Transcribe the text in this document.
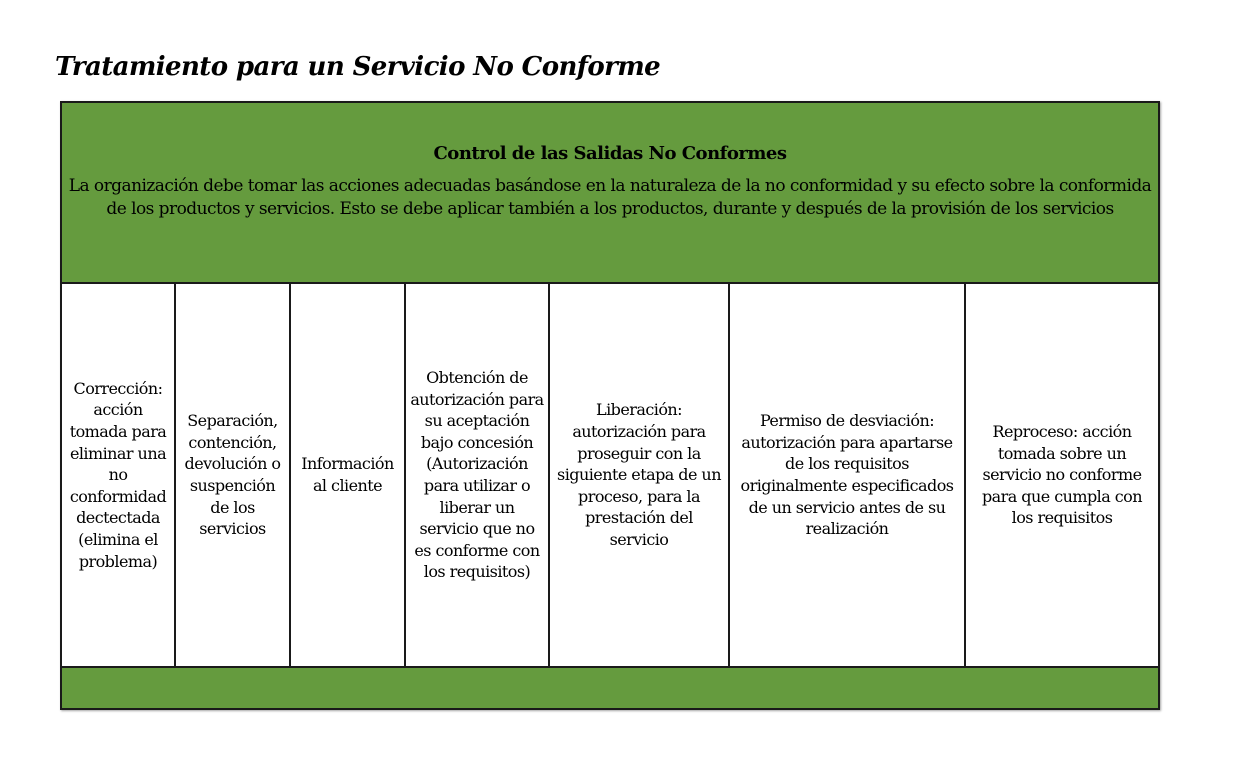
Tratamiento para un Servicio No Conforme
Control de las Salidas No Conformes
La organización debe tomar las acciones adecuadas basándose en la naturaleza de la no conformidad y su efecto sobre la conformida de los productos y servicios. Esto se debe aplicar también a los productos, durante y después de la provisión de los servicios
Corrección: acción tomada para eliminar una no conformidad dectectada (elimina el problema)
Separación, contención, devolución o suspención de los servicios
Información al cliente
Obtención de autorización para su aceptación bajo concesión (Autorización para utilizar o liberar un servicio que no es conforme con los requisitos)
Liberación: autorización para proseguir con la siguiente etapa de un proceso, para la prestación del servicio
Permiso de desviación: autorización para apartarse de los requisitos originalmente especificados de un servicio antes de su realización
Reproceso: acción tomada sobre un servicio no conforme para que cumpla con los requisitos
